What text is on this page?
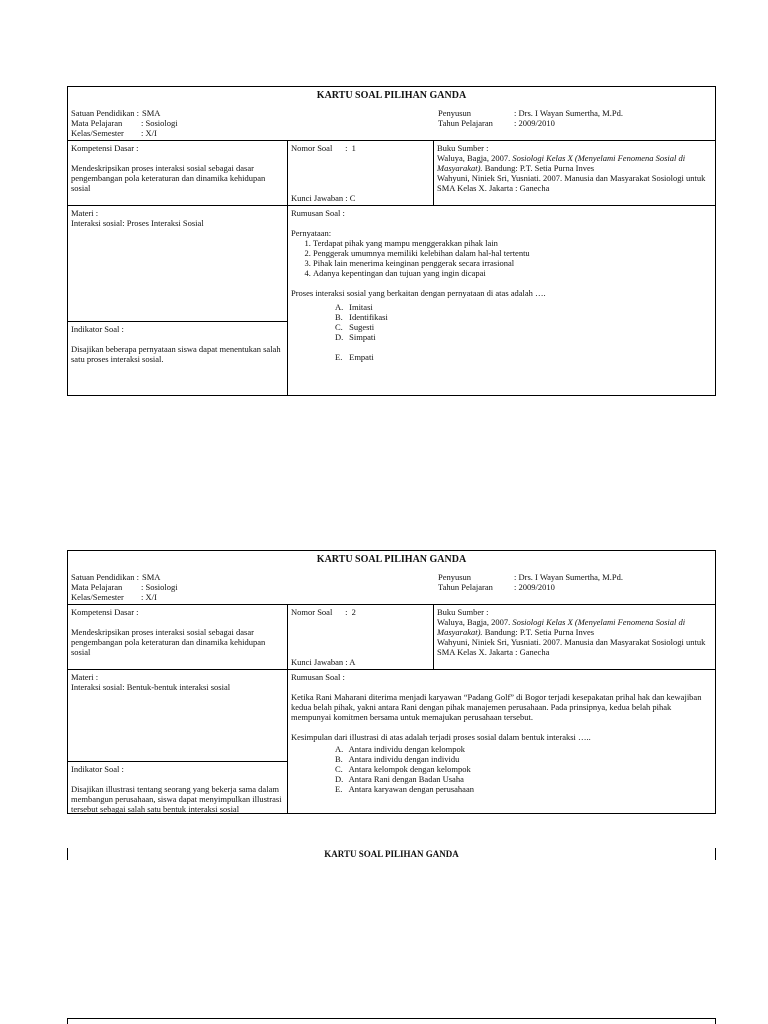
KARTU SOAL PILIHAN GANDA
Satuan Pendidikan : SMA
Mata Pelajaran	: Sosiologi
Kelas/Semester	: X/I
Penyusun	: Drs. I Wayan Sumertha, M.Pd.
Tahun Pelajaran	: 2009/2010
Kompetensi Dasar :
Mendeskripsikan proses interaksi sosial sebagai dasar pengembangan pola keteraturan dan dinamika kehidupan sosial
Nomor Soal      :  1
Kunci Jawaban : C
Buku Sumber :
Waluya, Bagja, 2007. Sosiologi Kelas X (Menyelami Fenomena Sosial di Masyarakat). Bandung: P.T. Setia Purna Inves
Wahyuni, Niniek Sri, Yusniati. 2007. Manusia dan Masyarakat Sosiologi untuk SMA Kelas X. Jakarta : Ganecha
Materi :
Interaksi sosial: Proses Interaksi Sosial
Indikator Soal :
Disajikan beberapa pernyataan siswa dapat menentukan salah satu proses interaksi sosial.
Rumusan Soal :
Pernyataan:
1. Terdapat pihak yang mampu menggerakkan pihak lain
2. Penggerak umumnya memiliki kelebihan dalam hal-hal tertentu
3. Pihak lain menerima keinginan penggerak secara irrasional
4. Adanya kepentingan dan tujuan yang ingin dicapai
Proses interaksi sosial yang berkaitan dengan pernyataan di atas adalah ….
A. Imitasi
B. Identifikasi
C. Sugesti
D. Simpati
E. Empati
KARTU SOAL PILIHAN GANDA
Satuan Pendidikan : SMA
Mata Pelajaran	: Sosiologi
Kelas/Semester	: X/I
Penyusun	: Drs. I Wayan Sumertha, M.Pd.
Tahun Pelajaran	: 2009/2010
Kompetensi Dasar :
Mendeskripsikan proses interaksi sosial sebagai dasar pengembangan pola keteraturan dan dinamika kehidupan sosial
Nomor Soal      :  2
Kunci Jawaban : A
Buku Sumber :
Waluya, Bagja, 2007. Sosiologi Kelas X (Menyelami Fenomena Sosial di Masyarakat). Bandung: P.T. Setia Purna Inves
Wahyuni, Niniek Sri, Yusniati. 2007. Manusia dan Masyarakat Sosiologi untuk SMA Kelas X. Jakarta : Ganecha
Materi :
Interaksi sosial: Bentuk-bentuk interaksi sosial
Indikator Soal :
Disajikan illustrasi tentang seorang yang bekerja sama dalam membangun perusahaan, siswa dapat menyimpulkan illustrasi tersebut sebagai salah satu bentuk interaksi sosial
Rumusan Soal :
Ketika Rani Maharani diterima menjadi karyawan “Padang Golf” di Bogor terjadi kesepakatan prihal hak dan kewajiban kedua belah pihak, yakni antara Rani dengan pihak manajemen perusahaan. Pada prinsipnya, kedua belah pihak mempunyai komitmen bersama untuk memajukan perusahaan tersebut.
Kesimpulan dari illustrasi di atas adalah terjadi proses sosial dalam bentuk interaksi …..
A. Antara individu dengan kelompok
B. Antara individu dengan individu
C. Antara kelompok dengan kelompok
D. Antara Rani dengan Badan Usaha
E. Antara karyawan dengan perusahaan
KARTU SOAL PILIHAN GANDA
